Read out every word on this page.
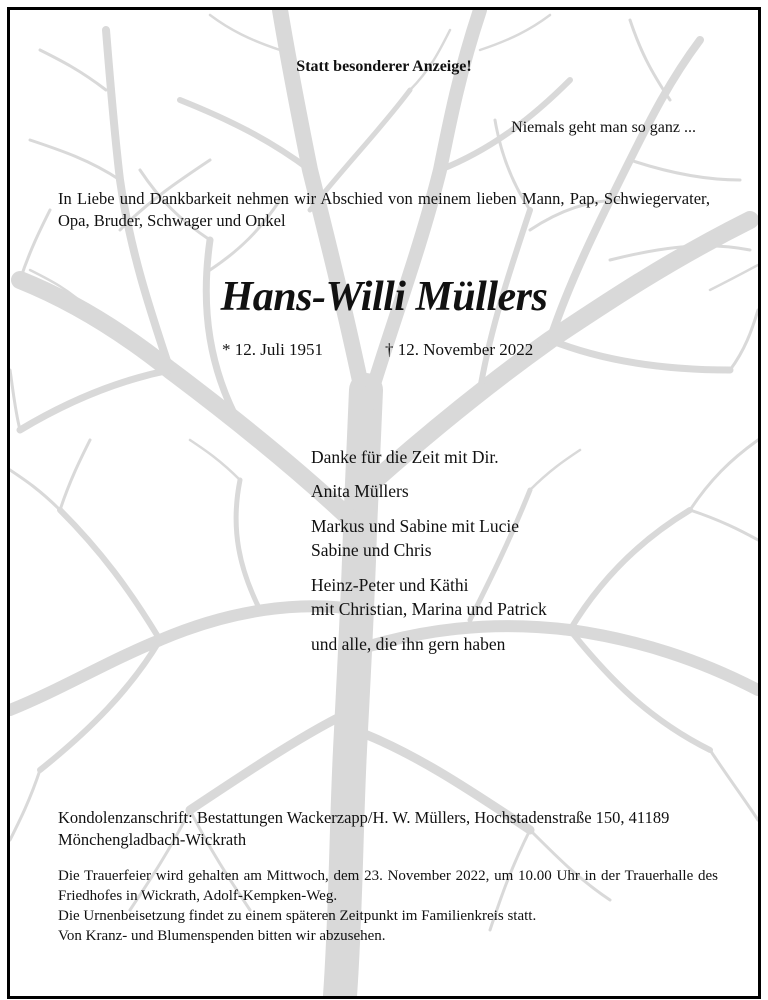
Statt besonderer Anzeige!
Niemals geht man so ganz ...
In Liebe und Dankbarkeit nehmen wir Abschied von meinem lieben Mann, Pap, Schwiegervater, Opa, Bruder, Schwager und Onkel
Hans-Willi Müllers
* 12. Juli 1951	† 12. November 2022
Danke für die Zeit mit Dir.
Anita Müllers
Markus und Sabine mit Lucie
Sabine und Chris
Heinz-Peter und Käthi
mit Christian, Marina und Patrick
und alle, die ihn gern haben
Kondolenzanschrift: Bestattungen Wackerzapp/H. W. Müllers, Hochstadenstraße 150, 41189 Mönchengladbach-Wickrath
Die Trauerfeier wird gehalten am Mittwoch, dem 23. November 2022, um 10.00 Uhr in der Trauerhalle des Friedhofes in Wickrath, Adolf-Kempken-Weg.
Die Urnenbeisetzung findet zu einem späteren Zeitpunkt im Familienkreis statt.
Von Kranz- und Blumenspenden bitten wir abzusehen.
